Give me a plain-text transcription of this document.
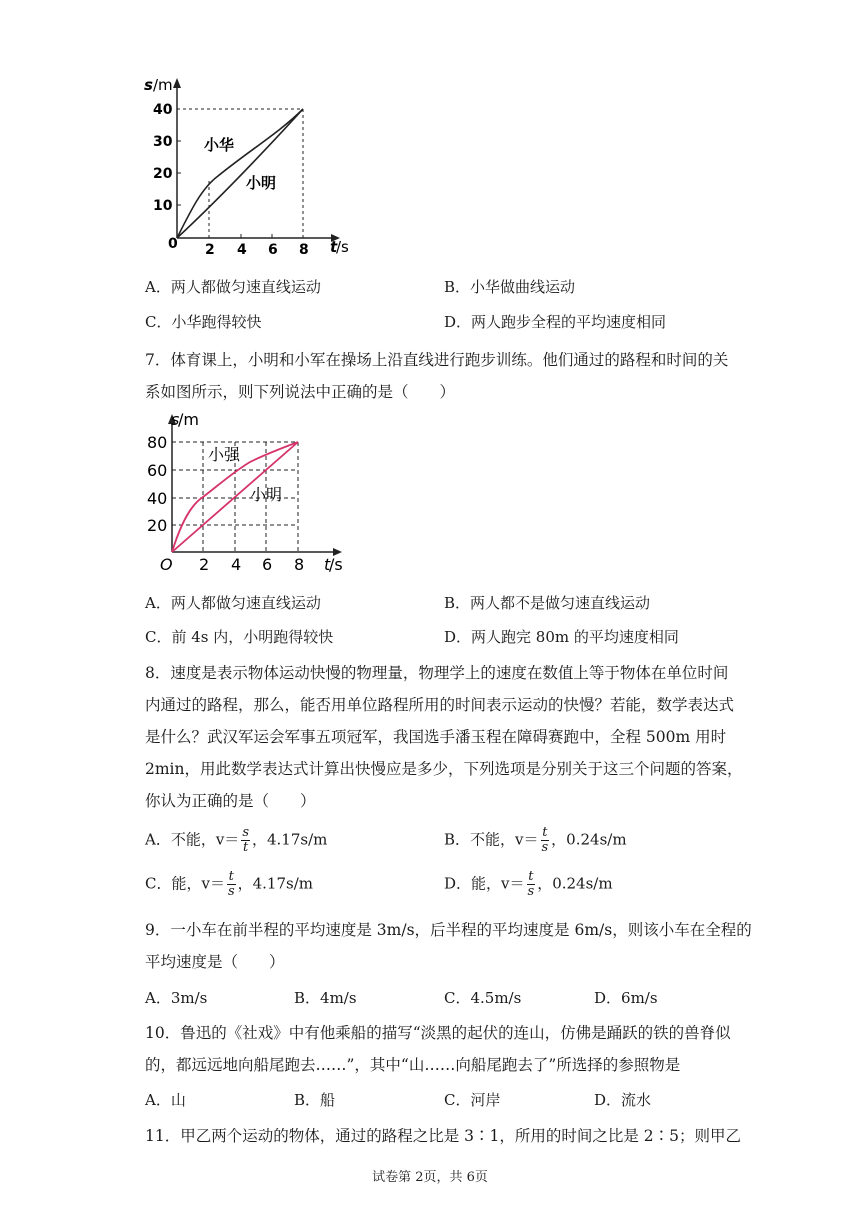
s /m
t
/s
0
10
20
30
40
2 4 6 8
小华
小明
A．两人都做匀速直线运动	B．小华做曲线运动
C．小华跑得较快	D．两人跑步全程的平均速度相同
7．体育课上，小明和小军在操场上沿直线进行跑步训练。他们通过的路程和时间的关
系如图所示，则下列说法中正确的是（　　）
s
/m
t
/s
O
20
40
60
80
2 4 6 8
小强
小明
A．两人都做匀速直线运动	B．两人都不是做匀速直线运动
C．前 4s 内，小明跑得较快	D．两人跑完 80m 的平均速度相同
8．速度是表示物体运动快慢的物理量，物理学上的速度在数值上等于物体在单位时间
内通过的路程，那么，能否用单位路程所用的时间表示运动的快慢？若能，数学表达式
是什么？武汉军运会军事五项冠军，我国选手潘玉程在障碍赛跑中，全程 500m 用时
2min，用此数学表达式计算出快慢应是多少，下列选项是分别关于这三个问题的答案，
你认为正确的是（　　）
A．不能，$v= \frac{s}{t}$ ，4.17s/m	B．不能，$v= \frac{t}{s}$ ，0.24s/m
C．能，$v= \frac{t}{s}$ ，4.17s/m	D．能，$v= \frac{t}{s}$ ，0.24s/m
9．一小车在前半程的平均速度是 3m/s，后半程的平均速度是 6m/s，则该小车在全程的
平均速度是（　　）
A．3m/s	B．4m/s	C．4.5m/s	D．6m/s
10．鲁迅的《社戏》中有他乘船的描写“淡黑的起伏的连山，仿佛是踊跃的铁的兽脊似
的，都远远地向船尾跑去……”，其中“山……向船尾跑去了”所选择的参照物是
A．山	B．船	C．河岸	D．流水
11．甲乙两个运动的物体，通过的路程之比是 3∶1，所用的时间之比是 2∶5；则甲乙
试卷第 2页，共 6页
